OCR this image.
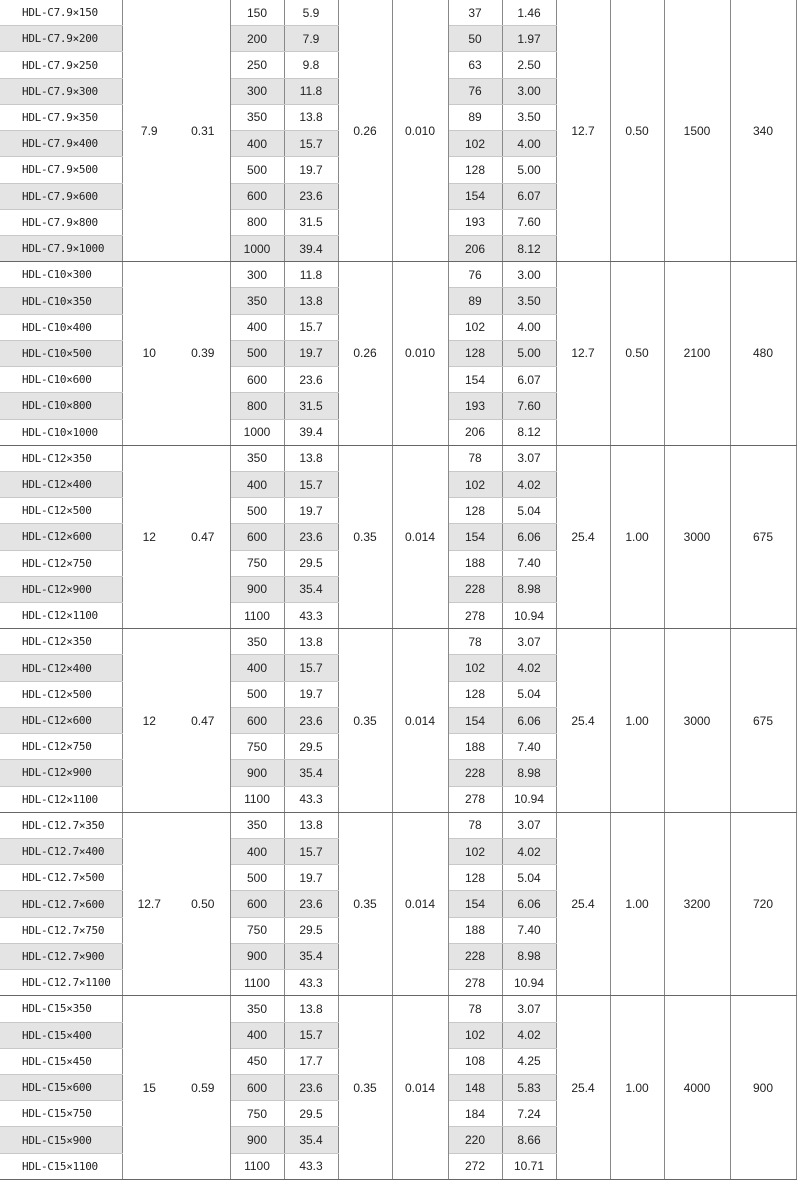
HDL-C7.9×150	7.9	0.31	150	5.9	0.26	0.010	37	1.46	12.7	0.50	1500	340
HDL-C7.9×200			200	7.9			50	1.97				
HDL-C7.9×250			250	9.8			63	2.50				
HDL-C7.9×300			300	11.8			76	3.00				
HDL-C7.9×350			350	13.8			89	3.50				
HDL-C7.9×400			400	15.7			102	4.00				
HDL-C7.9×500			500	19.7			128	5.00				
HDL-C7.9×600			600	23.6			154	6.07				
HDL-C7.9×800			800	31.5			193	7.60				
HDL-C7.9×1000			1000	39.4			206	8.12				
HDL-C10×300	10	0.39	300	11.8	0.26	0.010	76	3.00	12.7	0.50	2100	480
HDL-C10×350			350	13.8			89	3.50				
HDL-C10×400			400	15.7			102	4.00				
HDL-C10×500			500	19.7			128	5.00				
HDL-C10×600			600	23.6			154	6.07				
HDL-C10×800			800	31.5			193	7.60				
HDL-C10×1000			1000	39.4			206	8.12				
HDL-C12×350	12	0.47	350	13.8	0.35	0.014	78	3.07	25.4	1.00	3000	675
HDL-C12×400			400	15.7			102	4.02				
HDL-C12×500			500	19.7			128	5.04				
HDL-C12×600			600	23.6			154	6.06				
HDL-C12×750			750	29.5			188	7.40				
HDL-C12×900			900	35.4			228	8.98				
HDL-C12×1100			1100	43.3			278	10.94				
HDL-C12×350	12	0.47	350	13.8	0.35	0.014	78	3.07	25.4	1.00	3000	675
HDL-C12×400			400	15.7			102	4.02				
HDL-C12×500			500	19.7			128	5.04				
HDL-C12×600			600	23.6			154	6.06				
HDL-C12×750			750	29.5			188	7.40				
HDL-C12×900			900	35.4			228	8.98				
HDL-C12×1100			1100	43.3			278	10.94				
HDL-C12.7×350	12.7	0.50	350	13.8	0.35	0.014	78	3.07	25.4	1.00	3200	720
HDL-C12.7×400			400	15.7			102	4.02				
HDL-C12.7×500			500	19.7			128	5.04				
HDL-C12.7×600			600	23.6			154	6.06				
HDL-C12.7×750			750	29.5			188	7.40				
HDL-C12.7×900			900	35.4			228	8.98				
HDL-C12.7×1100			1100	43.3			278	10.94				
HDL-C15×350	15	0.59	350	13.8	0.35	0.014	78	3.07	25.4	1.00	4000	900
HDL-C15×400			400	15.7			102	4.02				
HDL-C15×450			450	17.7			108	4.25				
HDL-C15×600			600	23.6			148	5.83				
HDL-C15×750			750	29.5			184	7.24				
HDL-C15×900			900	35.4			220	8.66				
HDL-C15×1100			1100	43.3			272	10.71				
